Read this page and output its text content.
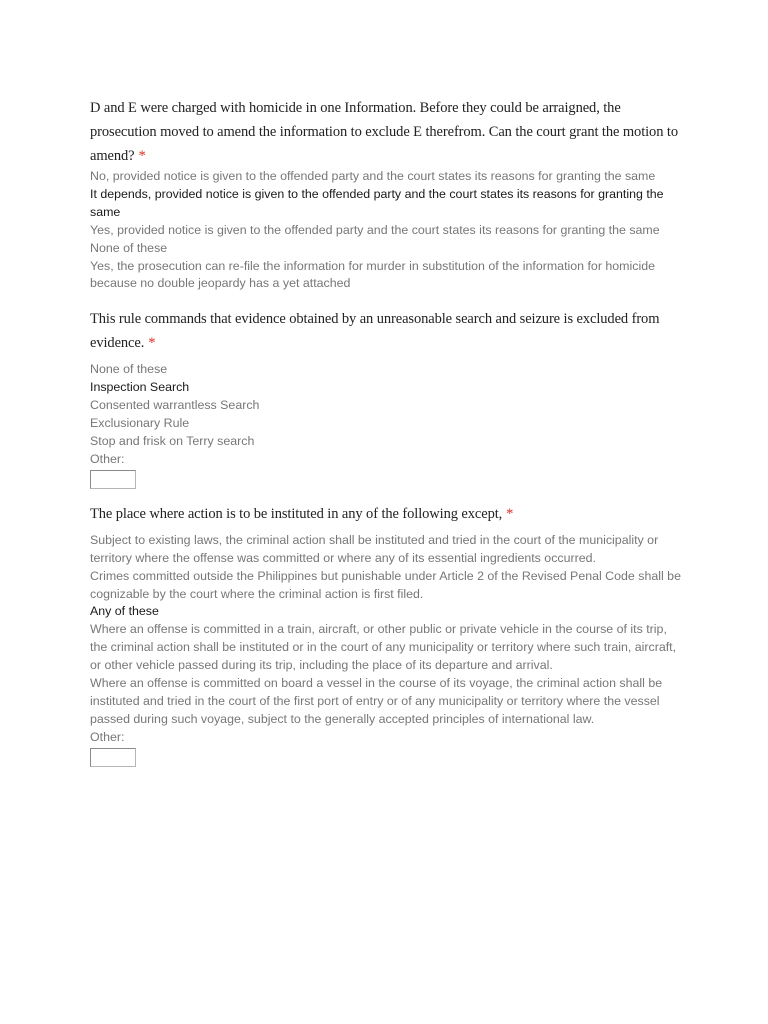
D and E were charged with homicide in one Information. Before they could be arraigned, the prosecution moved to amend the information to exclude E therefrom. Can the court grant the motion to amend? *

No, provided notice is given to the offended party and the court states its reasons for granting the same
It depends, provided notice is given to the offended party and the court states its reasons for granting the same
Yes, provided notice is given to the offended party and the court states its reasons for granting the same
None of these
Yes, the prosecution can re-file the information for murder in substitution of the information for homicide because no double jeopardy has a yet attached

This rule commands that evidence obtained by an unreasonable search and seizure is excluded from evidence. *

None of these
Inspection Search
Consented warrantless Search
Exclusionary Rule
Stop and frisk on Terry search
Other:

The place where action is to be instituted in any of the following except, *

Subject to existing laws, the criminal action shall be instituted and tried in the court of the municipality or territory where the offense was committed or where any of its essential ingredients occurred.
Crimes committed outside the Philippines but punishable under Article 2 of the Revised Penal Code shall be cognizable by the court where the criminal action is first filed.
Any of these
Where an offense is committed in a train, aircraft, or other public or private vehicle in the course of its trip, the criminal action shall be instituted or in the court of any municipality or territory where such train, aircraft, or other vehicle passed during its trip, including the place of its departure and arrival.
Where an offense is committed on board a vessel in the course of its voyage, the criminal action shall be instituted and tried in the court of the first port of entry or of any municipality or territory where the vessel passed during such voyage, subject to the generally accepted principles of international law.
Other:
